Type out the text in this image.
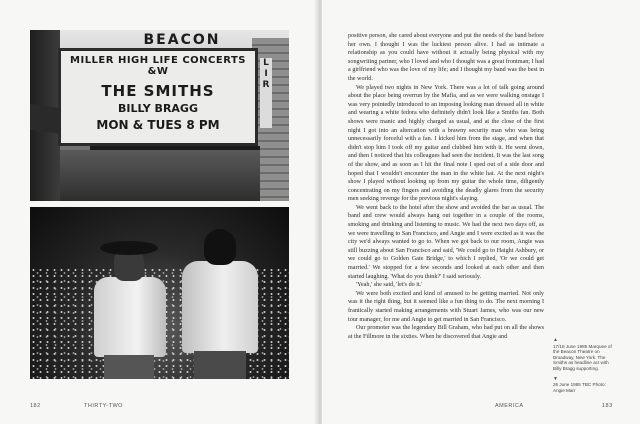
BEACON
MILLER HIGH LIFE CONCERTS &W
THE SMITHS
BILLY BRAGG
MON & TUES 8 PM
L I R
182	THIRTY-TWO

positive person, she cared about everyone and put the needs of the band before her own. I thought I was the luckiest person alive. I had as intimate a relationship as you could have without it actually being physical with my songwriting partner, who I loved and who I thought was a great frontman; I had a girlfriend who was the love of my life; and I thought my band was the best in the world.

We played two nights in New York. There was a lot of talk going around about the place being overrun by the Mafia, and as we were walking onstage I was very pointedly introduced to an imposing looking man dressed all in white and wearing a white fedora who definitely didn't look like a Smiths fan. Both shows were manic and highly charged as usual, and at the close of the first night I got into an altercation with a brawny security man who was being unnecessarily forceful with a fan. I kicked him from the stage, and when that didn't stop him I took off my guitar and clubbed him with it. He went down, and then I noticed that his colleagues had seen the incident. It was the last song of the show, and as soon as I hit the final note I sped out of a side door and hoped that I wouldn't encounter the man in the white hat. At the next night's show I played without looking up from my guitar the whole time, diligently concentrating on my fingers and avoiding the deadly glares from the security men seeking revenge for the previous night's slaying.

We went back to the hotel after the show and avoided the bar as usual. The band and crew would always hang out together in a couple of the rooms, smoking and drinking and listening to music. We had the next two days off, as we were travelling to San Francisco, and Angie and I were excited as it was the city we'd always wanted to go to. When we got back to our room, Angie was still buzzing about San Francisco and said, 'We could go to Haight Ashbury, or we could go to Golden Gate Bridge,' to which I replied, 'Or we could get married.' We stopped for a few seconds and looked at each other and then started laughing. 'What do you think?' I said seriously.

'Yeah,' she said, 'let's do it.'

We were both excited and kind of amused to be getting married. Not only was it the right thing, but it seemed like a fun thing to do. The next morning I frantically started making arrangements with Stuart James, who was our new tour manager, for me and Angie to get married in San Francisco.

Our promoter was the legendary Bill Graham, who had put on all the shows at the Fillmore in the sixties. When he discovered that Angie and

▲
17/18 June 1985 Marquee of the Beacon Theatre on Broadway, New York. The Smiths as headline act with Billy Bragg supporting.
▼
26 June 1985 TBC Photo: Angie Marr
AMERICA	183
